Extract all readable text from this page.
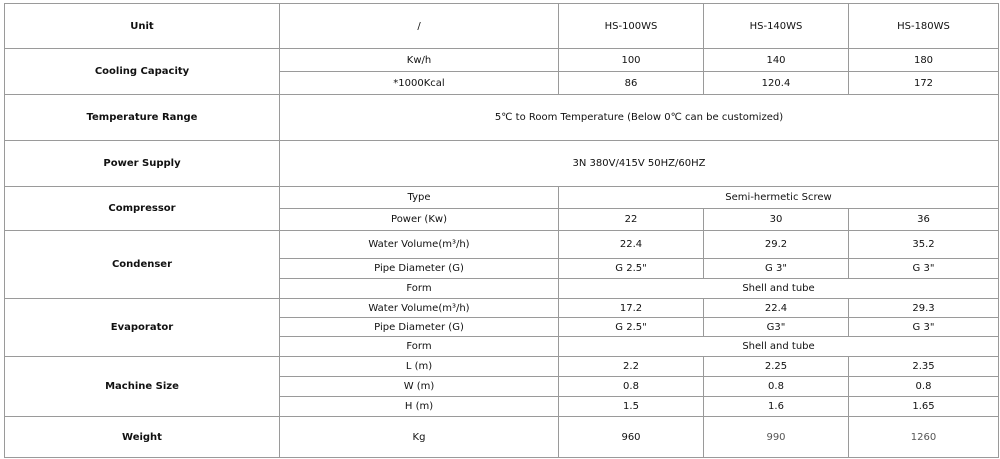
Unit	/	HS-100WS	HS-140WS	HS-180WS
Cooling Capacity	Kw/h	100	140	180
	*1000Kcal	86	120.4	172
Temperature Range	5℃ to Room Temperature (Below 0℃ can be customized)			
Power Supply	3N 380V/415V 50HZ/60HZ			
Compressor	Type	Semi-hermetic Screw		
	Power (Kw)	22	30	36
Condenser	Water Volume(m³/h)	22.4	29.2	35.2
	Pipe Diameter (G)	G 2.5"	G 3"	G 3"
	Form	Shell and tube		
Evaporator	Water Volume(m³/h)	17.2	22.4	29.3
	Pipe Diameter (G)	G 2.5"	G3"	G 3"
	Form	Shell and tube		
Machine Size	L (m)	2.2	2.25	2.35
	W (m)	0.8	0.8	0.8
	H (m)	1.5	1.6	1.65
Weight	Kg	960	990	1260
